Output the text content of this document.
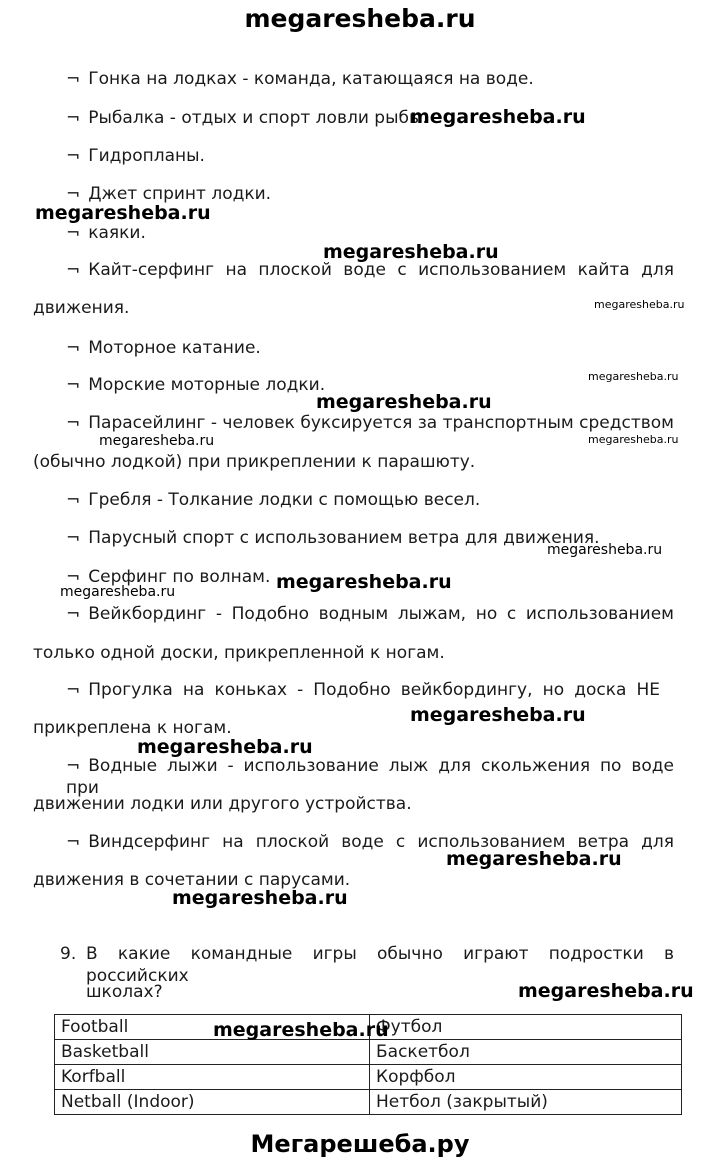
megaresheba.ru
¬ Гонка на лодках - команда, катающаяся на воде.
¬ Рыбалка - отдых и спорт ловли рыбы.
¬ Гидропланы.
¬ Джет спринт лодки.
¬ каяки.
¬ Кайт-серфинг на плоской воде с использованием кайта для
движения.
¬ Моторное катание.
¬ Морские моторные лодки.
¬ Парасейлинг - человек буксируется за транспортным средством
(обычно лодкой) при прикреплении к парашюту.
¬ Гребля - Толкание лодки с помощью весел.
¬ Парусный спорт с использованием ветра для движения.
¬ Серфинг по волнам.
¬ Вейкбординг - Подобно водным лыжам, но с использованием
только одной доски, прикрепленной к ногам.
¬ Прогулка на коньках - Подобно вейкбордингу, но доска НЕ
прикреплена к ногам.
¬ Водные лыжи - использование лыж для скольжения по воде при
движении лодки или другого устройства.
¬ Виндсерфинг на плоской воде с использованием ветра для
движения в сочетании с парусами.
9. В какие командные игры обычно играют подростки в российских
школах?
Football	Футбол
Basketball	Баскетбол
Korfball	Корфбол
Netball (Indoor)	Нетбол (закрытый)
megaresheba.ru
megaresheba.ru
megaresheba.ru
megaresheba.ru
megaresheba.ru
megaresheba.ru
megaresheba.ru	megaresheba.ru
megaresheba.ru
megaresheba.ru
megaresheba.ru
megaresheba.ru
megaresheba.ru
megaresheba.ru
megaresheba.ru
megaresheba.ru
megaresheba.ru
Мегарешеба.ру
